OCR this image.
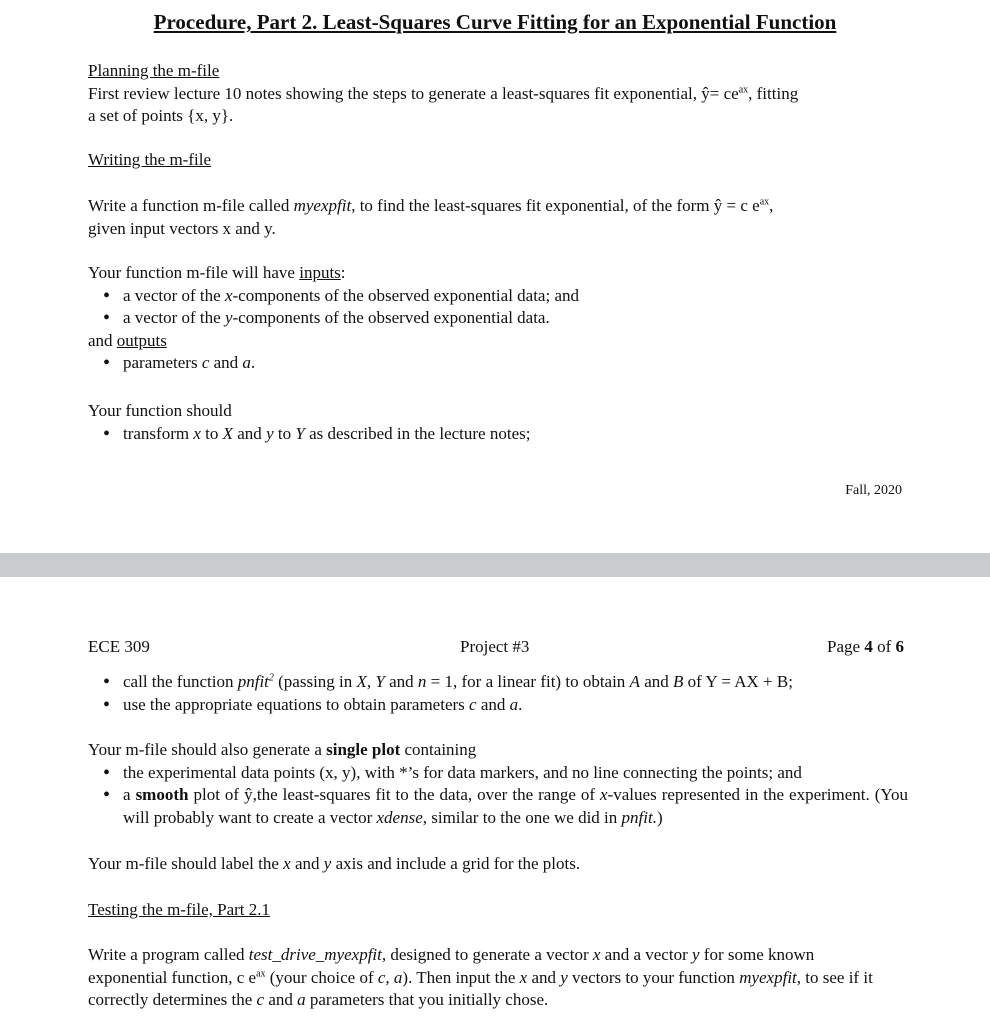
Procedure, Part 2. Least-Squares Curve Fitting for an Exponential Function
Planning the m-file
First review lecture 10 notes showing the steps to generate a least-squares fit exponential, ŷ= $ce^{ax}$, fitting
a set of points {x, y}.
Writing the m-file
Write a function m-file called myexpfit, to find the least-squares fit exponential, of the form ŷ = c $e^{ax}$,
given input vectors x and y.
Your function m-file will have inputs:
• a vector of the x-components of the observed exponential data; and
• a vector of the y-components of the observed exponential data.
and outputs
• parameters c and a.
Your function should
• transform x to X and y to Y as described in the lecture notes;
Fall, 2020
ECE 309	Project #3	Page 4 of 6
• call the function pnfit$^2$ (passing in X, Y and n = 1, for a linear fit) to obtain A and B of Y = AX + B;
• use the appropriate equations to obtain parameters c and a.
Your m-file should also generate a single plot containing
• the experimental data points (x, y), with *’s for data markers, and no line connecting the points; and
• a smooth plot of ŷ,the least-squares fit to the data, over the range of x-values represented in the experiment. (You will probably want to create a vector xdense, similar to the one we did in pnfit.)
Your m-file should label the x and y axis and include a grid for the plots.
Testing the m-file, Part 2.1
Write a program called test_drive_myexpfit, designed to generate a vector x and a vector y for some known exponential function, c $e^{ax}$ (your choice of c, a). Then input the x and y vectors to your function myexpfit, to see if it correctly determines the c and a parameters that you initially chose.
